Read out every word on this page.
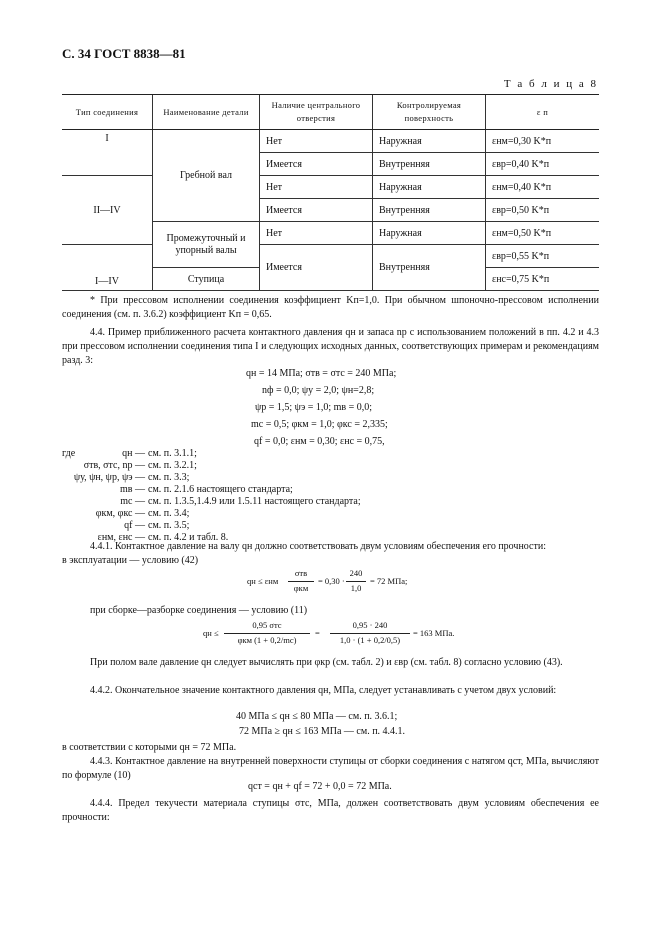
С. 34 ГОСТ 8838—81
Т а б л и ц а 8
Тип соединения	Наименование детали	Наличие центрального отверстия	Контролируемая поверхность	ε п
I	Гребной вал	Нет	Наружная	εнм=0,30 K*п
		Имеется	Внутренняя	εвр=0,40 K*п
II—IV		Нет	Наружная	εнм=0,40 K*п
		Имеется	Внутренняя	εвр=0,50 K*п
	Промежуточный и упорный валы	Нет	Наружная	εнм=0,50 K*п
I—IV		Имеется	Внутренняя	εвр=0,55 K*п
	Ступица			εнс=0,75 K*п
* При прессовом исполнении соединения коэффициент Kп=1,0. При обычном шпоночно-прессовом исполнении соединения (см. п. 3.6.2) коэффициент Kп = 0,65.
4.4. Пример приближенного расчета контактного давления qн и запаса nр с использованием положений в пп. 4.2 и 4.3 при прессовом исполнении соединения типа I и следующих исходных данных, соответствующих примерам и рекомендациям разд. 3:
qн = 14 МПа; σтв = σтс = 240 МПа;
nф = 0,0; ψу = 2,0; ψн=2,8;
ψр = 1,5; ψэ = 1,0; mв = 0,0;
mс = 0,5; φкм = 1,0; φкс = 2,335;
qf = 0,0; εнм = 0,30; εнс = 0,75,
где	qн — см. п. 3.1.1;
σтв, σтс, nр — см. п. 3.2.1;
ψу, ψн, ψр, ψэ — см. п. 3.3;
mв — см. п. 2.1.6 настоящего стандарта;
mс — см. п. 1.3.5,1.4.9 или 1.5.11 настоящего стандарта;
φкм, φкс — см. п. 3.4;
qf — см. п. 3.5;
εнм, εнс — см. п. 4.2 и табл. 8.
4.4.1. Контактное давление на валу qн должно соответствовать двум условиям обеспечения его прочности:
в эксплуатации — условию (42)
qн ≤ εнм
σтв
φкм
= 0,30 ·
240
1,0
= 72 МПа;
при сборке—разборке соединения — условию (11)
qн ≤
0,95 σтс
φкм (1 + 0,2/mс)
=
0,95 · 240
1,0 · (1 + 0,2/0,5)
= 163 МПа.
При полом вале давление qн следует вычислять при φкр (см. табл. 2) и εвр (см. табл. 8) согласно условию (43).
4.4.2. Окончательное значение контактного давления qн, МПа, следует устанавливать с учетом двух условий:
40 МПа ≤ qн ≤ 80 МПа — см. п. 3.6.1;
72 МПа ≥ qн ≤ 163 МПа — см. п. 4.4.1.
в соответствии с которыми qн = 72 МПа.
4.4.3. Контактное давление на внутренней поверхности ступицы от сборки соединения с натягом qст, МПа, вычисляют по формуле (10)
qст = qн + qf = 72 + 0,0 = 72 МПа.
4.4.4. Предел текучести материала ступицы σтс, МПа, должен соответствовать двум условиям обеспечения ее прочности:
